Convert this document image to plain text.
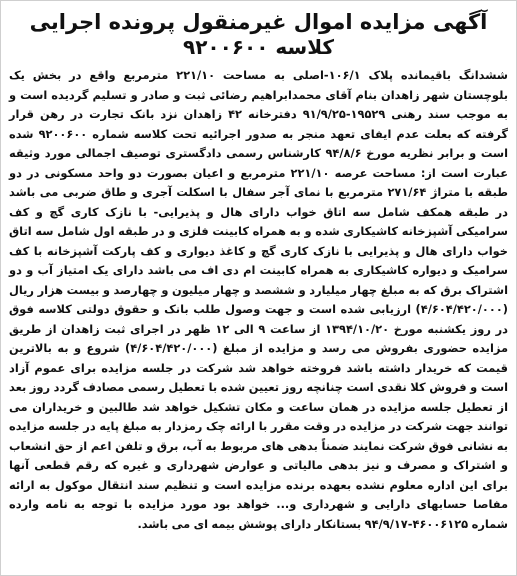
آگهی مزایده اموال غیرمنقول پرونده اجرایی
کلاسه ۹۲۰۰۶۰۰

ششدانگ باقیمانده پلاک ۱۰۶/۱-اصلی به مساحت ۲۲۱/۱۰ مترمربع واقع در بخش یک بلوچستان شهر زاهدان بنام آقای محمدابراهیم رضائی ثبت و صادر و تسلیم گردیده است و به موجب سند رهنی ۱۹۵۲۹-۹۱/۹/۲۵ دفترخانه ۴۲ زاهدان نزد بانک تجارت در رهن قرار گرفته که بعلت عدم ایفای تعهد منجر به صدور اجرائیه تحت کلاسه شماره ۹۲۰۰۶۰۰ شده است و برابر نظریه مورخ ۹۴/۸/۶ کارشناس رسمی دادگستری توصیف اجمالی مورد وثیقه عبارت است از: مساحت عرصه ۲۲۱/۱۰ مترمربع و اعیان بصورت دو واحد مسکونی در دو طبقه با متراژ ۲۷۱/۶۴ مترمربع با نمای آجر سفال با اسکلت آجری و طاق ضربی می باشد در طبقه همکف شامل سه اتاق خواب دارای هال و پذیرایی- با نازک کاری گچ و کف سرامیکی آشپزخانه کاشیکاری شده و به همراه کابینت فلزی و در طبقه اول شامل سه اتاق خواب دارای هال و پذیرایی با نازک کاری گچ و کاغذ دیواری و کف پارکت آشپزخانه با کف سرامیک و دیواره کاشیکاری به همراه کابینت ام دی اف می باشد دارای یک امتیاز آب و دو اشتراک برق که به مبلغ چهار میلیارد و ششصد و چهار میلیون و چهارصد و بیست هزار ریال (۴/۶۰۴/۴۲۰/۰۰۰) ارزیابی شده است و جهت وصول طلب بانک و حقوق دولتی کلاسه فوق در روز یکشنبه مورخ ۱۳۹۴/۱۰/۲۰ از ساعت ۹ الی ۱۲ ظهر در اجرای ثبت زاهدان از طریق مزایده حضوری بفروش می رسد و مزایده از مبلغ (۴/۶۰۴/۴۲۰/۰۰۰) شروع و به بالاترین قیمت که خریدار داشته باشد فروخته خواهد شد شرکت در جلسه مزایده برای عموم آزاد است و فروش کلا نقدی است چنانچه روز تعیین شده با تعطیل رسمی مصادف گردد روز بعد از تعطیل جلسه مزایده در همان ساعت و مکان تشکیل خواهد شد طالبین و خریداران می توانند جهت شرکت در مزایده در وقت مقرر با ارائه چک رمزدار به مبلغ پایه در جلسه مزایده به نشانی فوق شرکت نمایند ضمناً بدهی های مربوط به آب، برق و تلفن اعم از حق انشعاب و اشتراک و مصرف و نیز بدهی مالیاتی و عوارض شهرداری و غیره که رقم قطعی آنها برای این اداره معلوم نشده بعهده برنده مزایده است و تنظیم سند انتقال موکول به ارائه مفاصا حسابهای دارایی و شهرداری و... خواهد بود مورد مزایده با توجه به نامه وارده شماره ۴۶۰۰۶۱۲۵-۹۴/۹/۱۷ بستانکار دارای پوشش بیمه ای می باشد.
